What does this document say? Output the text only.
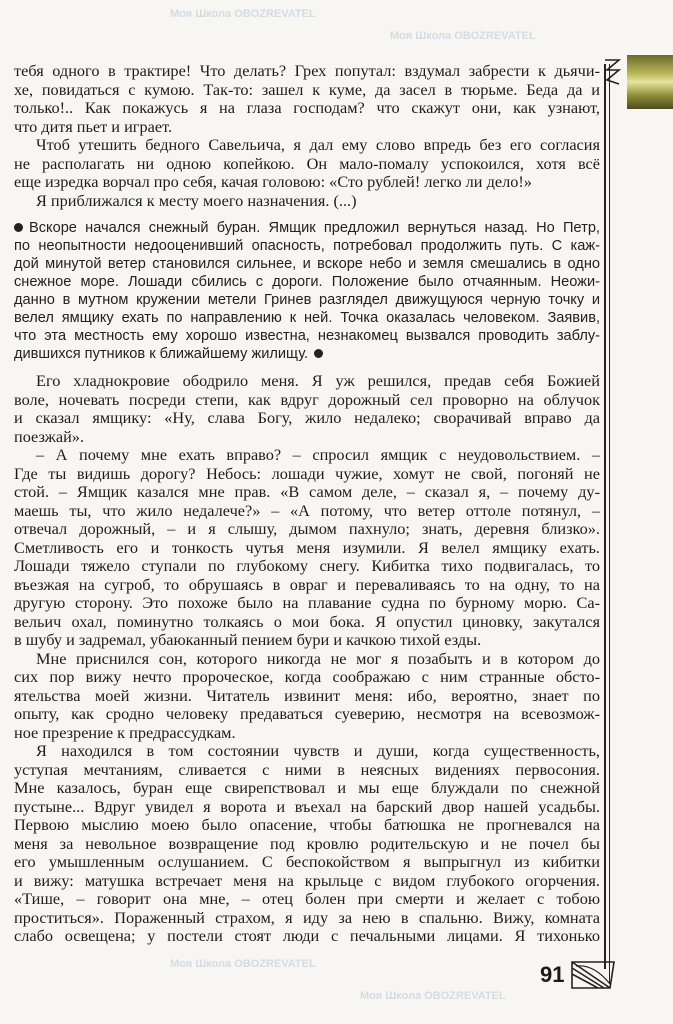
Моя Школа OBOZREVATEL
Моя Школа OBOZREVATEL
Моя Школа OBOZREVATEL
Моя Школа OBOZREVATEL
тебя одного в трактире! Что делать? Грех попутал: вздумал забрести к дьячи-
хе, повидаться с кумою. Так-то: зашел к куме, да засел в тюрьме. Беда да и
только!.. Как покажусь я на глаза господам? что скажут они, как узнают,
что дитя пьет и играет.
Чтоб утешить бедного Савельича, я дал ему слово впредь без его согласия
не располагать ни одною копейкою. Он мало-помалу успокоился, хотя всё
еще изредка ворчал про себя, качая головою: «Сто рублей! легко ли дело!»
Я приближался к месту моего назначения. (...)
Вскоре начался снежный буран. Ямщик предложил вернуться назад. Но Петр,
по неопытности недооценивший опасность, потребовал продолжить путь. С каж-
дой минутой ветер становился сильнее, и вскоре небо и земля смешались в одно
снежное море. Лошади сбились с дороги. Положение было отчаянным. Неожи-
данно в мутном кружении метели Гринев разглядел движущуюся черную точку и
велел ямщику ехать по направлению к ней. Точка оказалась человеком. Заявив,
что эта местность ему хорошо известна, незнакомец вызвался проводить заблу-
дившихся путников к ближайшему жилищу.
Его хладнокровие ободрило меня. Я уж решился, предав себя Божией
воле, ночевать посреди степи, как вдруг дорожный сел проворно на облучок
и сказал ямщику: «Ну, слава Богу, жило недалеко; сворачивай вправо да
поезжай».
– А почему мне ехать вправо? – спросил ямщик с неудовольствием. –
Где ты видишь дорогу? Небось: лошади чужие, хомут не свой, погоняй не
стой. – Ямщик казался мне прав. «В самом деле, – сказал я, – почему ду-
маешь ты, что жило недалече?» – «А потому, что ветер оттоле потянул, –
отвечал дорожный, – и я слышу, дымом пахнуло; знать, деревня близко».
Сметливость его и тонкость чутья меня изумили. Я велел ямщику ехать.
Лошади тяжело ступали по глубокому снегу. Кибитка тихо подвигалась, то
въезжая на сугроб, то обрушаясь в овраг и переваливаясь то на одну, то на
другую сторону. Это похоже было на плавание судна по бурному морю. Са-
вельич охал, поминутно толкаясь о мои бока. Я опустил циновку, закутался
в шубу и задремал, убаюканный пением бури и качкою тихой езды.
Мне приснился сон, которого никогда не мог я позабыть и в котором до
сих пор вижу нечто пророческое, когда соображаю с ним странные обсто-
ятельства моей жизни. Читатель извинит меня: ибо, вероятно, знает по
опыту, как сродно человеку предаваться суеверию, несмотря на всевозмож-
ное презрение к предрассудкам.
Я находился в том состоянии чувств и души, когда существенность,
уступая мечтаниям, сливается с ними в неясных видениях первосония.
Мне казалось, буран еще свирепствовал и мы еще блуждали по снежной
пустыне... Вдруг увидел я ворота и въехал на барский двор нашей усадьбы.
Первою мыслию моею было опасение, чтобы батюшка не прогневался на
меня за невольное возвращение под кровлю родительскую и не почел бы
его умышленным ослушанием. С беспокойством я выпрыгнул из кибитки
и вижу: матушка встречает меня на крыльце с видом глубокого огорчения.
«Тише, – говорит она мне, – отец болен при смерти и желает с тобою
проститься». Пораженный страхом, я иду за нею в спальню. Вижу, комната
слабо освещена; у постели стоят люди с печальными лицами. Я тихонько
91
